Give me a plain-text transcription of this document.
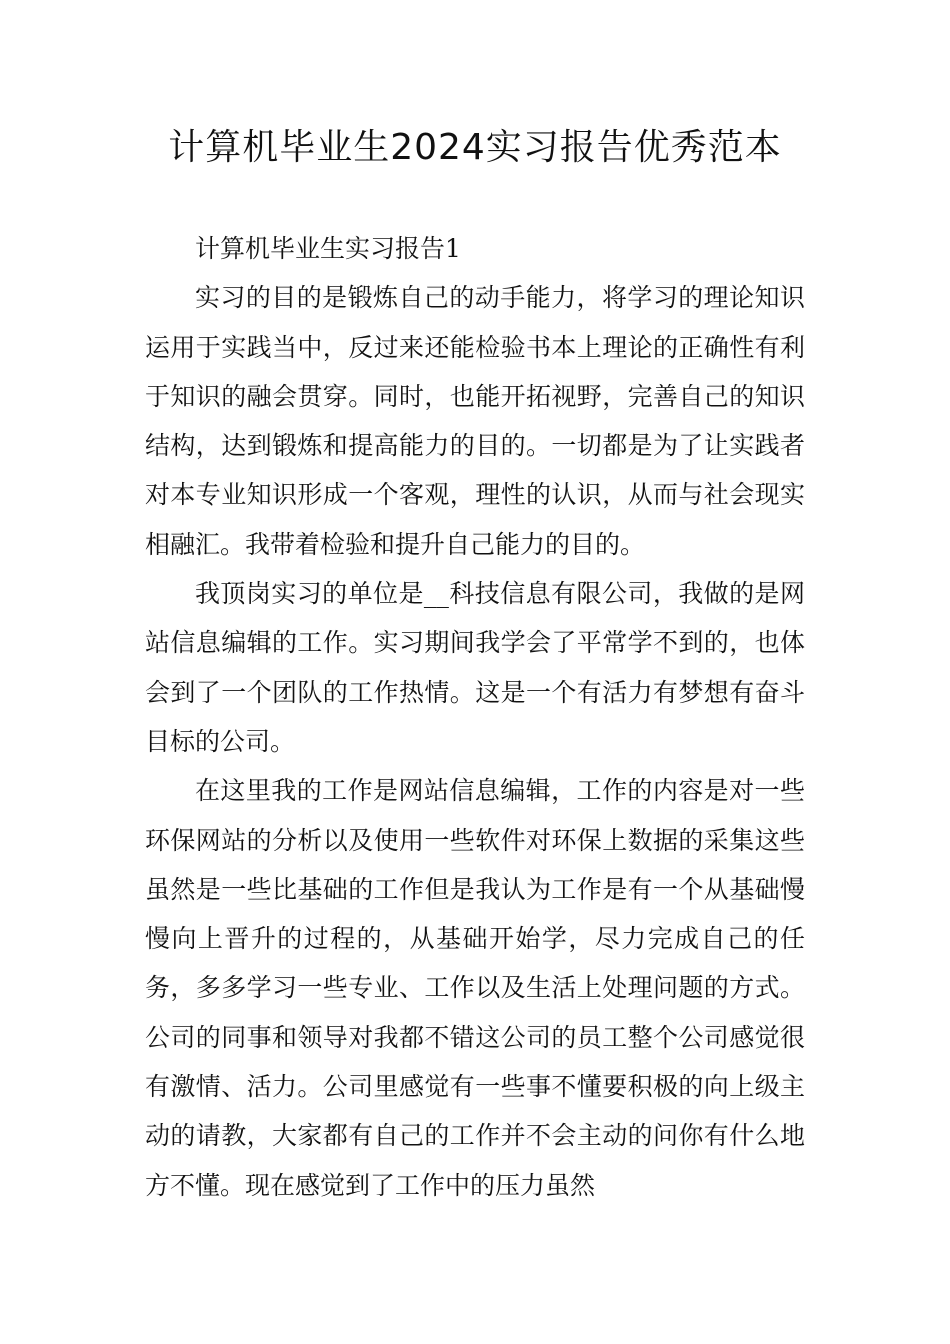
计算机毕业生2024实习报告优秀范本

计算机毕业生实习报告1

实习的目的是锻炼自己的动手能力，将学习的理论知识运用于实践当中，反过来还能检验书本上理论的正确性有利于知识的融会贯穿。同时，也能开拓视野，完善自己的知识结构，达到锻炼和提高能力的目的。一切都是为了让实践者对本专业知识形成一个客观，理性的认识，从而与社会现实相融汇。我带着检验和提升自己能力的目的。

我顶岗实习的单位是__科技信息有限公司，我做的是网站信息编辑的工作。实习期间我学会了平常学不到的，也体会到了一个团队的工作热情。这是一个有活力有梦想有奋斗目标的公司。

在这里我的工作是网站信息编辑，工作的内容是对一些环保网站的分析以及使用一些软件对环保上数据的采集这些虽然是一些比基础的工作但是我认为工作是有一个从基础慢慢向上晋升的过程的，从基础开始学，尽力完成自己的任务，多多学习一些专业、工作以及生活上处理问题的方式。公司的同事和领导对我都不错这公司的员工整个公司感觉很有激情、活力。公司里感觉有一些事不懂要积极的向上级主动的请教，大家都有自己的工作并不会主动的问你有什么地方不懂。现在感觉到了工作中的压力虽然
